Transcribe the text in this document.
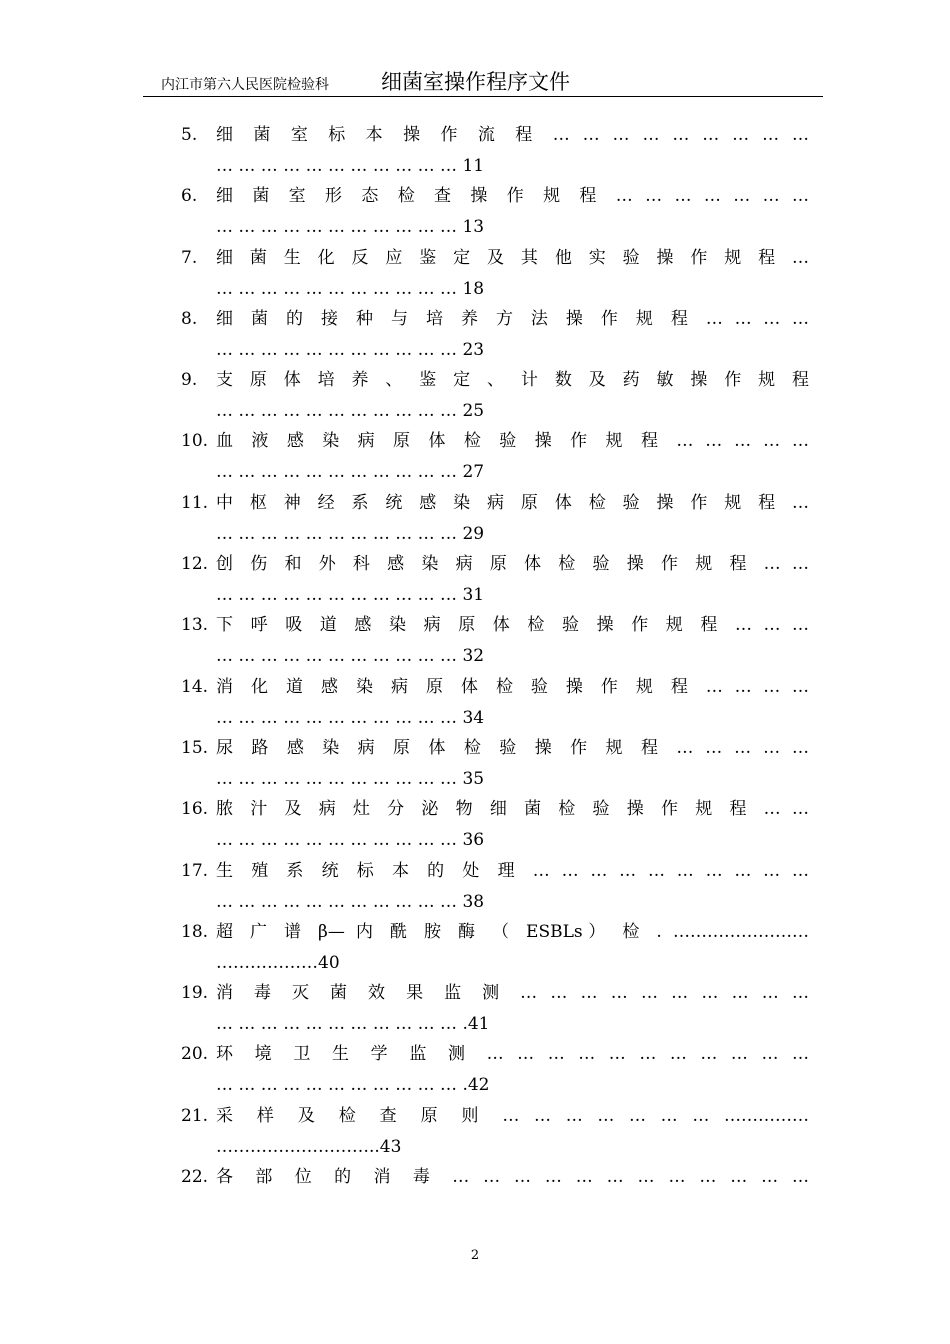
内江市第六人民医院检验科 细菌室操作程序文件
5. 细 菌 室 标 本 操 作 流 程 … … … … … … … … …
… … … … … … … … … … … 11
6. 细 菌 室 形 态 检 查 操 作 规 程 … … … … … … …
… … … … … … … … … … … 13
7. 细 菌 生 化 反 应 鉴 定 及 其 他 实 验 操 作 规 程 …
… … … … … … … … … … … 18
8. 细 菌 的 接 种 与 培 养 方 法 操 作 规 程 … … … …
… … … … … … … … … … … 23
9. 支 原 体 培 养 、 鉴 定 、 计 数 及 药 敏 操 作 规 程
… … … … … … … … … … … 25
10. 血 液 感 染 病 原 体 检 验 操 作 规 程 … … … … …
… … … … … … … … … … … 27
11. 中 枢 神 经 系 统 感 染 病 原 体 检 验 操 作 规 程 …
… … … … … … … … … … … 29
12. 创 伤 和 外 科 感 染 病 原 体 检 验 操 作 规 程 … …
… … … … … … … … … … … 31
13. 下 呼 吸 道 感 染 病 原 体 检 验 操 作 规 程 … … …
… … … … … … … … … … … 32
14. 消 化 道 感 染 病 原 体 检 验 操 作 规 程 … … … …
… … … … … … … … … … … 34
15. 尿 路 感 染 病 原 体 检 验 操 作 规 程 … … … … …
… … … … … … … … … … … 35
16. 脓 汁 及 病 灶 分 泌 物 细 菌 检 验 操 作 规 程 … …
… … … … … … … … … … … 36
17. 生 殖 系 统 标 本 的 处 理 … … … … … … … … … …
… … … … … … … … … … … 38
18. 超 广 谱 β— 内 酰 胺 酶 （ ESBLs） 检 . ……………………
………………40
19. 消 毒 灭 菌 效 果 监 测 … … … … … … … … … …
… … … … … … … … … … … .41
20. 环 境 卫 生 学 监 测 … … … … … … … … … … …
… … … … … … … … … … … .42
21. 采 样 及 检 查 原 则 … … … … … … … ……………
………………………..43
22. 各 部 位 的 消 毒 … … … … … … … … … … … …
2
